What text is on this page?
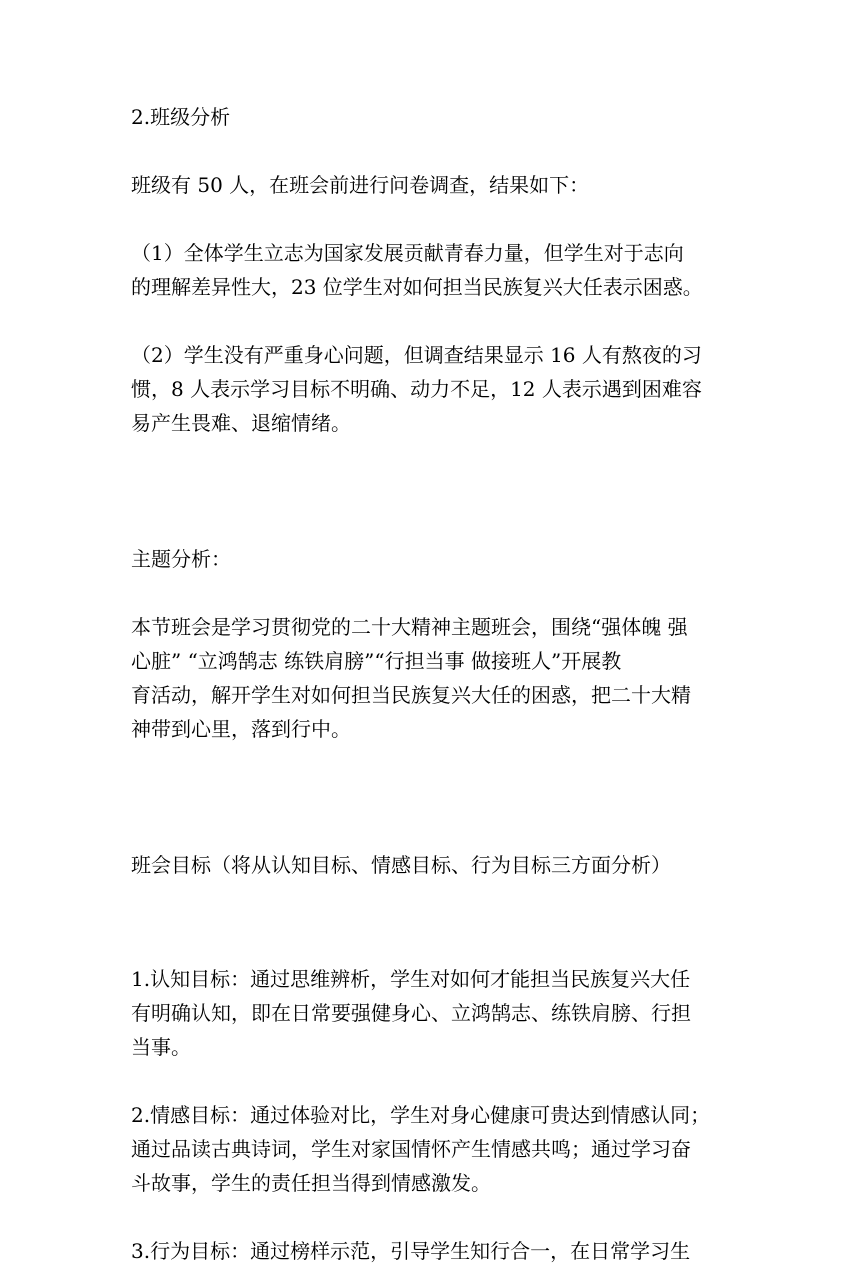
2.班级分析

班级有 50 人，在班会前进行问卷调查，结果如下：

（1）全体学生立志为国家发展贡献青春力量，但学生对于志向

的理解差异性大，23 位学生对如何担当民族复兴大任表示困惑。

（2）学生没有严重身心问题，但调查结果显示 16 人有熬夜的习

惯，8 人表示学习目标不明确、动力不足，12 人表示遇到困难容

易产生畏难、退缩情绪。

主题分析：

本节班会是学习贯彻党的二十大精神主题班会，围绕“强体魄 强

心脏” “立鸿鹄志 练铁肩膀”“行担当事 做接班人”开展教

育活动，解开学生对如何担当民族复兴大任的困惑，把二十大精

神带到心里，落到行中。

班会目标（将从认知目标、情感目标、行为目标三方面分析）

1.认知目标：通过思维辨析，学生对如何才能担当民族复兴大任

有明确认知，即在日常要强健身心、立鸿鹄志、练铁肩膀、行担

当事。

2.情感目标：通过体验对比，学生对身心健康可贵达到情感认同；

通过品读古典诗词，学生对家国情怀产生情感共鸣；通过学习奋

斗故事，学生的责任担当得到情感激发。

3.行为目标：通过榜样示范，引导学生知行合一，在日常学习生
